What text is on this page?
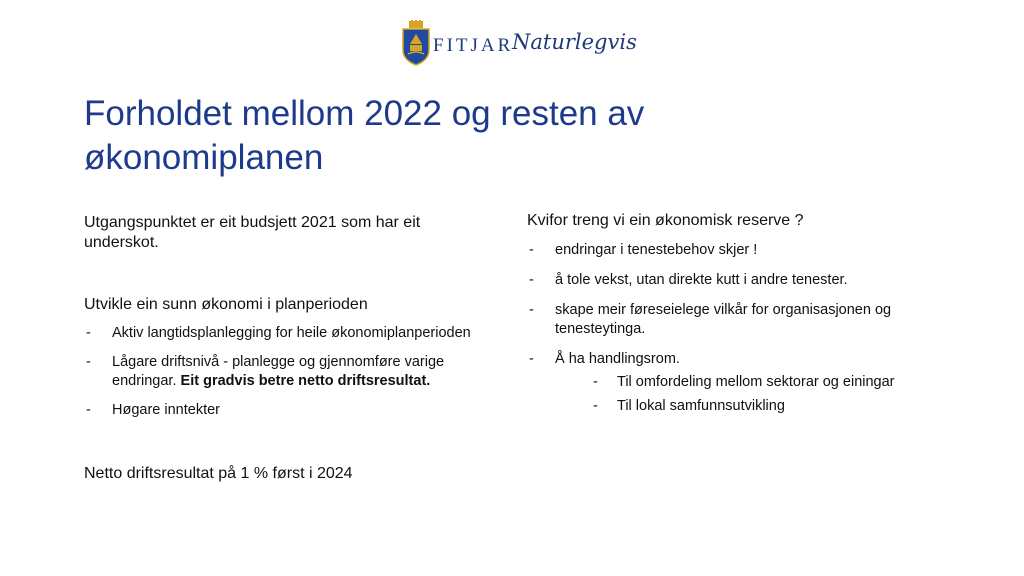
FITJAR
Naturlegvis
Forholdet mellom 2022 og resten av økonomiplanen
Utgangspunktet er eit budsjett 2021 som har eit underskot.
Utvikle ein sunn økonomi i planperioden
- Aktiv langtidsplanlegging for heile økonomiplanperioden
- Lågare driftsnivå - planlegge og gjennomføre varige endringar. Eit gradvis betre netto driftsresultat.
- Høgare inntekter
Netto driftsresultat på 1 % først i 2024
Kvifor treng vi ein økonomisk reserve ?
- endringar i tenestebehov skjer !
- å tole vekst, utan direkte kutt i andre tenester.
- skape meir føreseielege vilkår for organisasjonen og tenesteytinga.
- Å ha handlingsrom.
- Til omfordeling mellom sektorar og einingar
- Til lokal samfunnsutvikling
